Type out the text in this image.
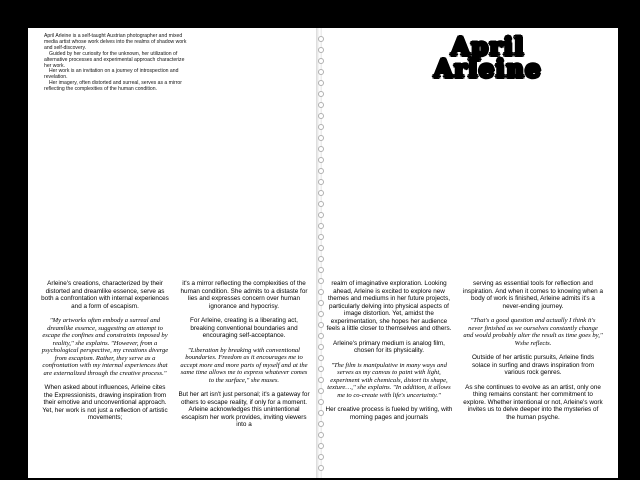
April Arleine is a self-taught Austrian photographer and mixed media artist whose work delves into the realms of shadow work and self-discovery.

Guided by her curiosity for the unknown, her utilization of alternative processes and experimental approach characterize her work.

Her work is an invitation on a journey of introspection and revelation.

Her imagery, often distorted and surreal, serves as a mirror reflecting the complexities of the human condition.

Arleine's creations, characterized by their distorted and dreamlike essence, serve as both a confrontation with internal experiences and a form of escapism.

"My artworks often embody a surreal and dreamlike essence, suggesting an attempt to escape the confines and constraints imposed by reality," she explains. "However, from a psychological perspective, my creations diverge from escapism. Rather, they serve as a confrontation with my internal experiences that are externalized through the creative process."

When asked about influences, Arleine cites the Expressionists, drawing inspiration from their emotive and unconventional approach. Yet, her work is not just a reflection of artistic movements;

it's a mirror reflecting the complexities of the human condition. She admits to a distaste for lies and expresses concern over human ignorance and hypocrisy.

For Arleine, creating is a liberating act, breaking conventional boundaries and encouraging self-acceptance.

"Liberation by breaking with conventional boundaries. Freedom as it encourages me to accept more and more parts of myself and at the same time allows me to express whatever comes to the surface," she muses.

But her art isn't just personal; it's a gateway for others to escape reality, if only for a moment. Arleine acknowledges this unintentional escapism her work provides, inviting viewers into a

April
Arleine

realm of imaginative exploration. Looking ahead, Arleine is excited to explore new themes and mediums in her future projects, particularly delving into physical aspects of image distortion. Yet, amidst the experimentation, she hopes her audience feels a little closer to themselves and others.

Arleine's primary medium is analog film, chosen for its physicality.

"The film is manipulative in many ways and serves as my canvas to paint with light, experiment with chemicals, distort its shape, texture…," she explains. "In addition, it allows me to co-create with life's uncertainty."

Her creative process is fueled by writing, with morning pages and journals

serving as essential tools for reflection and inspiration. And when it comes to knowing when a body of work is finished, Arleine admits it's a never-ending journey.

"That's a good question and actually I think it's never finished as we ourselves constantly change and would probably alter the result as time goes by," Wshe reflects.

Outside of her artistic pursuits, Arleine finds solace in surfing and draws inspiration from various rock genres.

As she continues to evolve as an artist, only one thing remains constant: her commitment to explore. Whether intentional or not, Arleine's work invites us to delve deeper into the mysteries of the human psyche.
